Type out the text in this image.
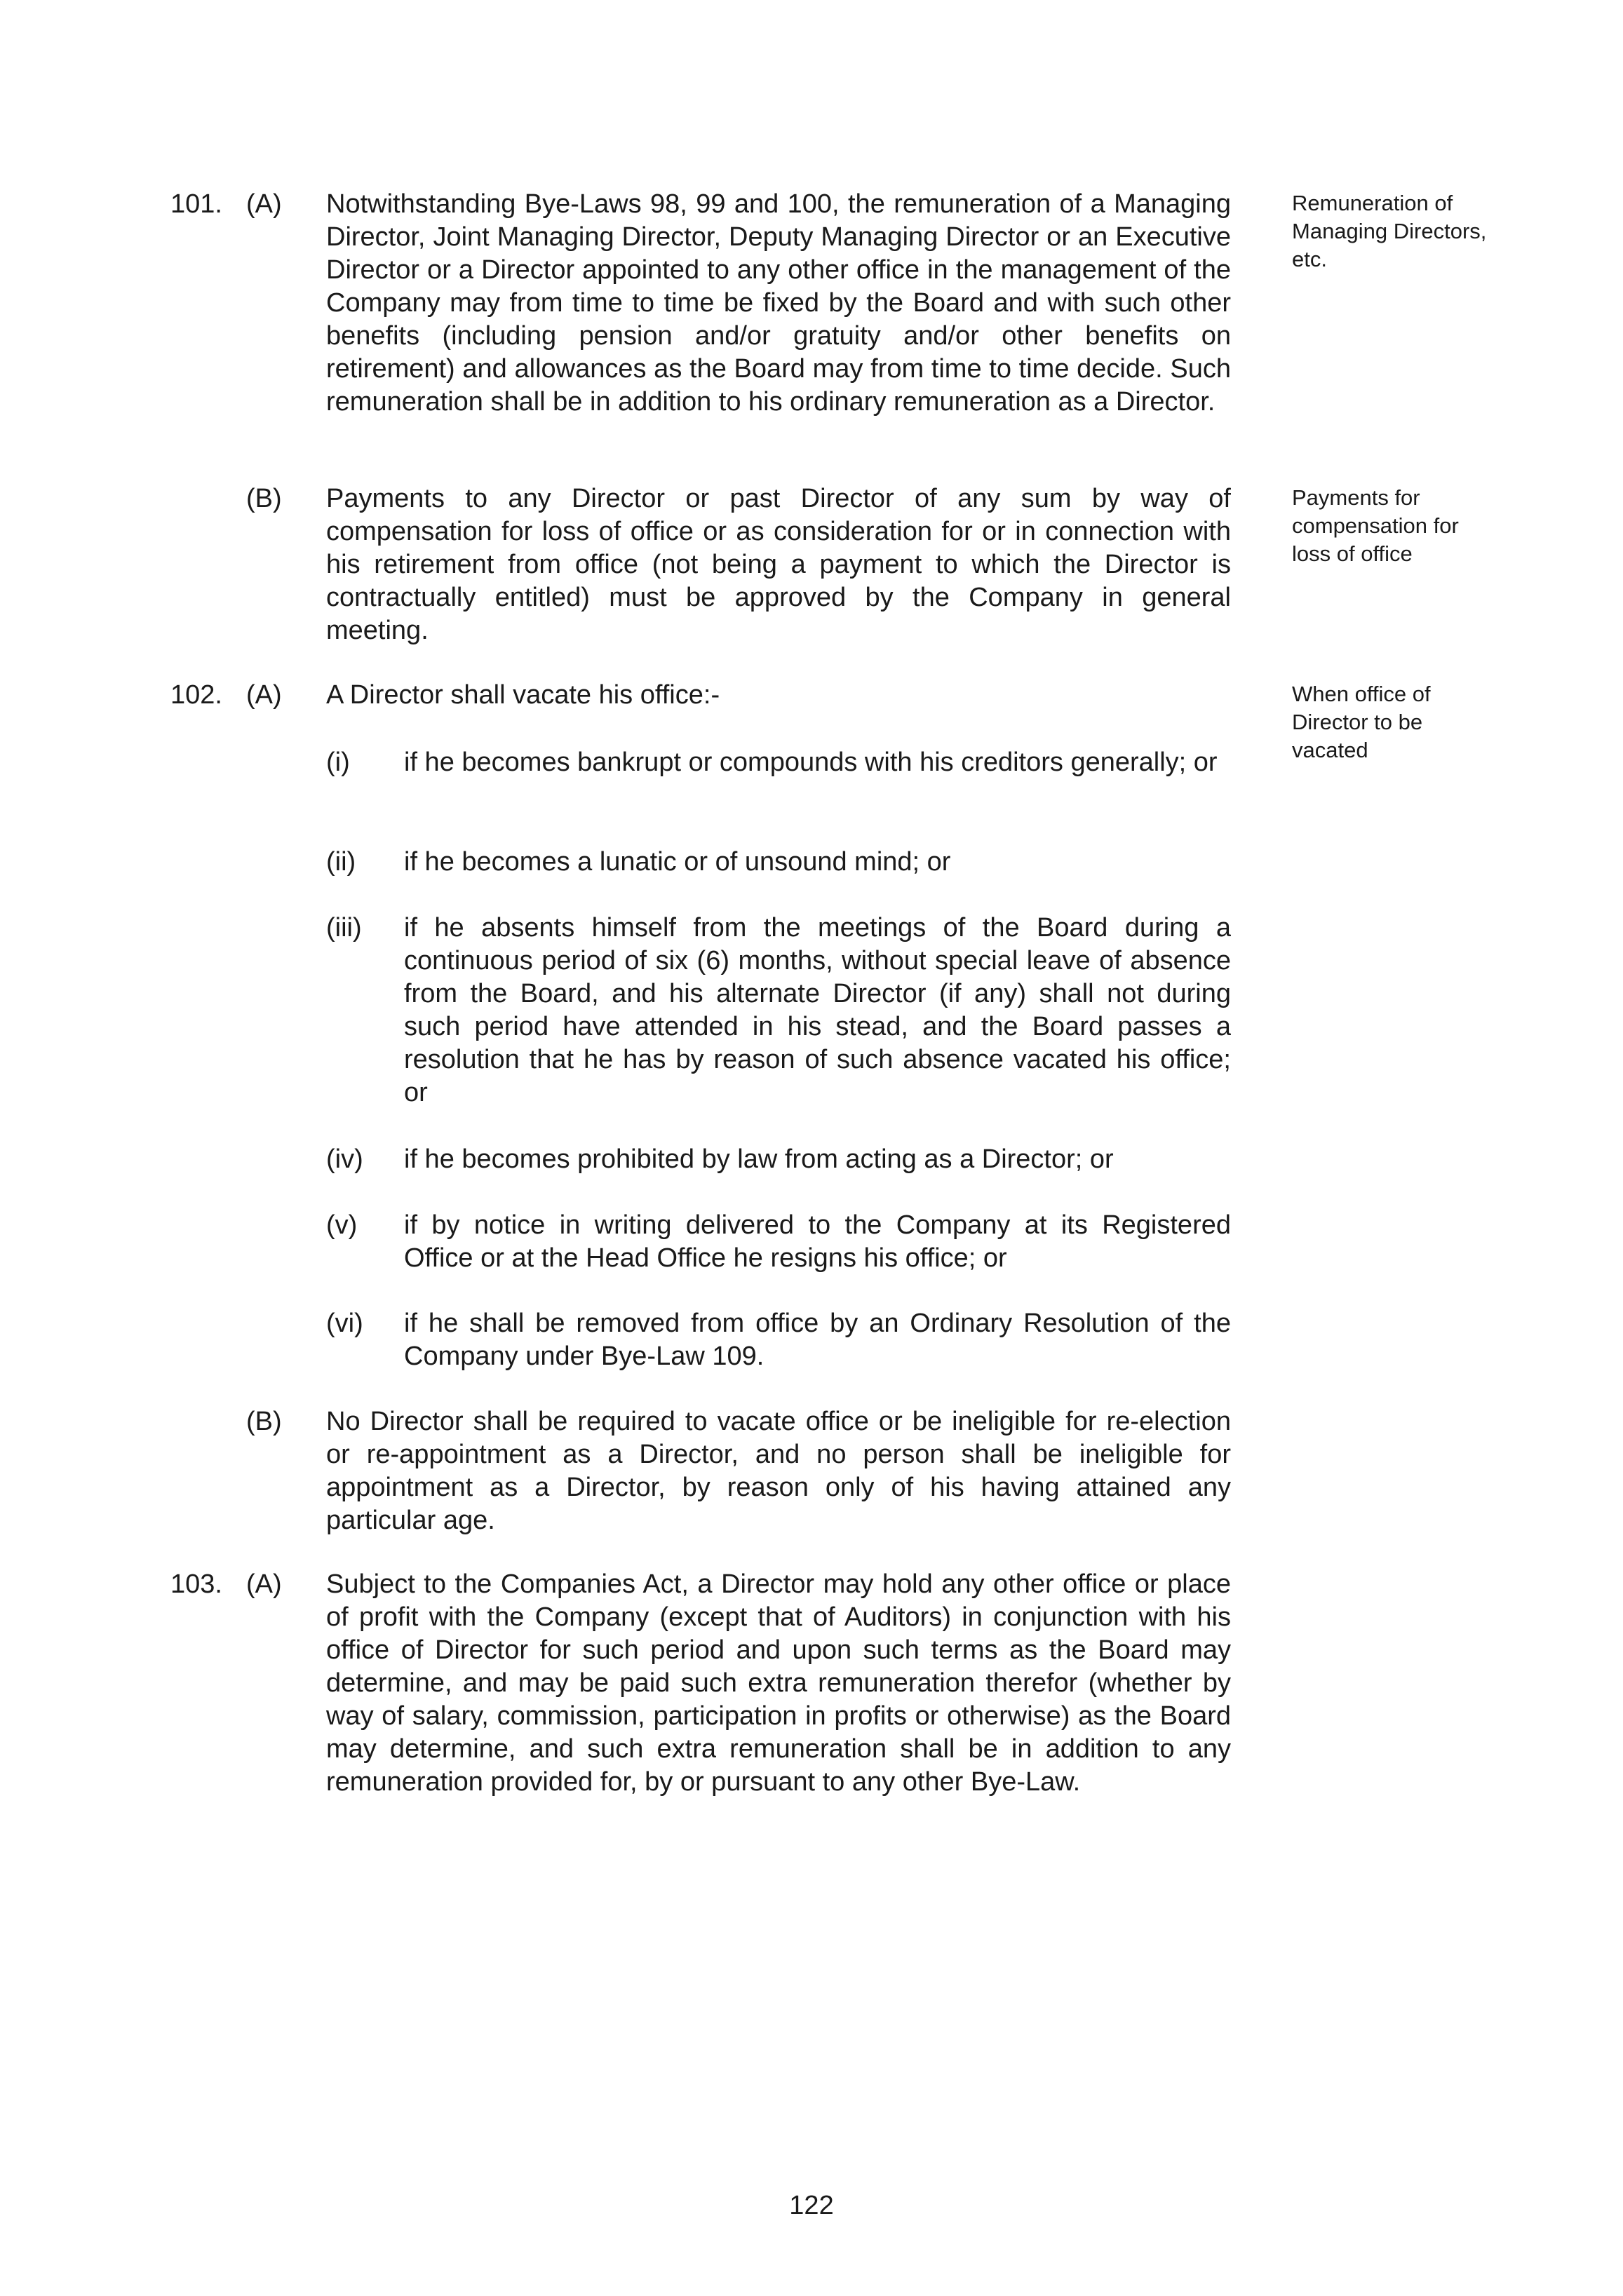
101. (A) Notwithstanding Bye-Laws 98, 99 and 100, the remuneration of a Managing Director, Joint Managing Director, Deputy Managing Director or an Executive Director or a Director appointed to any other office in the management of the Company may from time to time be fixed by the Board and with such other benefits (including pension and/or gratuity and/or other benefits on retirement) and allowances as the Board may from time to time decide. Such remuneration shall be in addition to his ordinary remuneration as a Director.

Remuneration of Managing Directors, etc.

(B) Payments to any Director or past Director of any sum by way of compensation for loss of office or as consideration for or in connection with his retirement from office (not being a payment to which the Director is contractually entitled) must be approved by the Company in general meeting.

Payments for compensation for loss of office

102. (A) A Director shall vacate his office:-	When office of Director to be vacated

(i) if he becomes bankrupt or compounds with his creditors generally; or

(ii) if he becomes a lunatic or of unsound mind; or

(iii) if he absents himself from the meetings of the Board during a continuous period of six (6) months, without special leave of absence from the Board, and his alternate Director (if any) shall not during such period have attended in his stead, and the Board passes a resolution that he has by reason of such absence vacated his office; or

(iv) if he becomes prohibited by law from acting as a Director; or

(v) if by notice in writing delivered to the Company at its Registered Office or at the Head Office he resigns his office; or

(vi) if he shall be removed from office by an Ordinary Resolution of the Company under Bye-Law 109.

(B) No Director shall be required to vacate office or be ineligible for re-election or re-appointment as a Director, and no person shall be ineligible for appointment as a Director, by reason only of his having attained any particular age.

103. (A) Subject to the Companies Act, a Director may hold any other office or place of profit with the Company (except that of Auditors) in conjunction with his office of Director for such period and upon such terms as the Board may determine, and may be paid such extra remuneration therefor (whether by way of salary, commission, participation in profits or otherwise) as the Board may determine, and such extra remuneration shall be in addition to any remuneration provided for, by or pursuant to any other Bye-Law.

122
